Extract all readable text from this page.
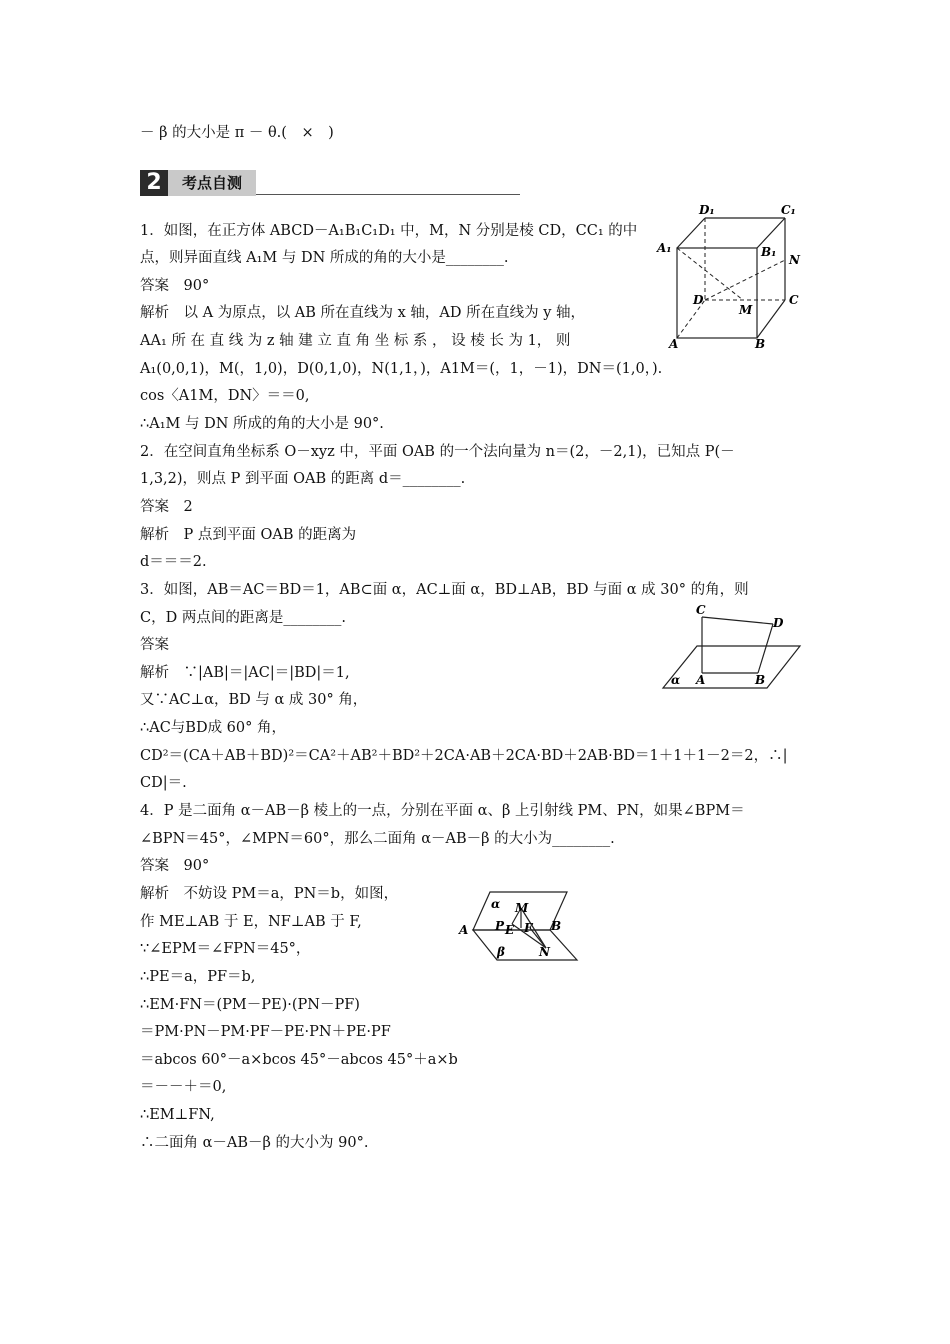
－ β 的大小是 π － θ.(　×　)
2	考点自测
1．如图，在正方体 ABCD－A₁B₁C₁D₁ 中，M，N 分别是棱 CD，CC₁ 的中
点，则异面直线 A₁M 与 DN 所成的角的大小是________.
答案　90°
解析　以 A 为原点，以 AB 所在直线为 x 轴，AD 所在直线为 y 轴，
AA₁ 所 在 直 线 为 z 轴 建 立 直 角 坐 标 系 ， 设 棱 长 为 1， 则
A₁(0,0,1)，M(，1,0)，D(0,1,0)，N(1,1，)，A1M＝(，1，－1)，DN＝(1,0，).
cos〈A1M，DN〉＝＝0,
∴A₁M 与 DN 所成的角的大小是 90°.
2．在空间直角坐标系 O－xyz 中，平面 OAB 的一个法向量为 n＝(2，－2,1)，已知点 P(－
1,3,2)，则点 P 到平面 OAB 的距离 d＝________.
答案　2
解析　P 点到平面 OAB 的距离为
d＝＝＝2.
3．如图，AB＝AC＝BD＝1，AB⊂面 α，AC⊥面 α，BD⊥AB，BD 与面 α 成 30° 的角，则
C，D 两点间的距离是________.
答案
解析　∵|AB|＝|AC|＝|BD|＝1,
又∵AC⊥α，BD 与 α 成 30° 角，
∴AC与BD成 60° 角，
CD²＝(CA＋AB＋BD)²＝CA²＋AB²＋BD²＋2CA·AB＋2CA·BD＋2AB·BD＝1＋1＋1－2＝2，∴|
CD|＝.
4．P 是二面角 α－AB－β 棱上的一点，分别在平面 α、β 上引射线 PM、PN，如果∠BPM＝
∠BPN＝45°，∠MPN＝60°，那么二面角 α－AB－β 的大小为________.
答案　90°
解析　不妨设 PM＝a，PN＝b，如图，
作 ME⊥AB 于 E，NF⊥AB 于 F,
∵∠EPM＝∠FPN＝45°，
∴PE＝a，PF＝b,
∴EM·FN＝(PM－PE)·(PN－PF)
＝PM·PN－PM·PF－PE·PN＋PE·PF
＝abcos 60°－a×bcos 45°－abcos 45°＋a×b
＝－－＋＝0,
∴EM⊥FN,
∴二面角 α－AB－β 的大小为 90°.
D₁	C₁
A₁	B₁
N
D	C
M
A	B
C
D
α A	B
α
P
M
E F B
A
β	N
